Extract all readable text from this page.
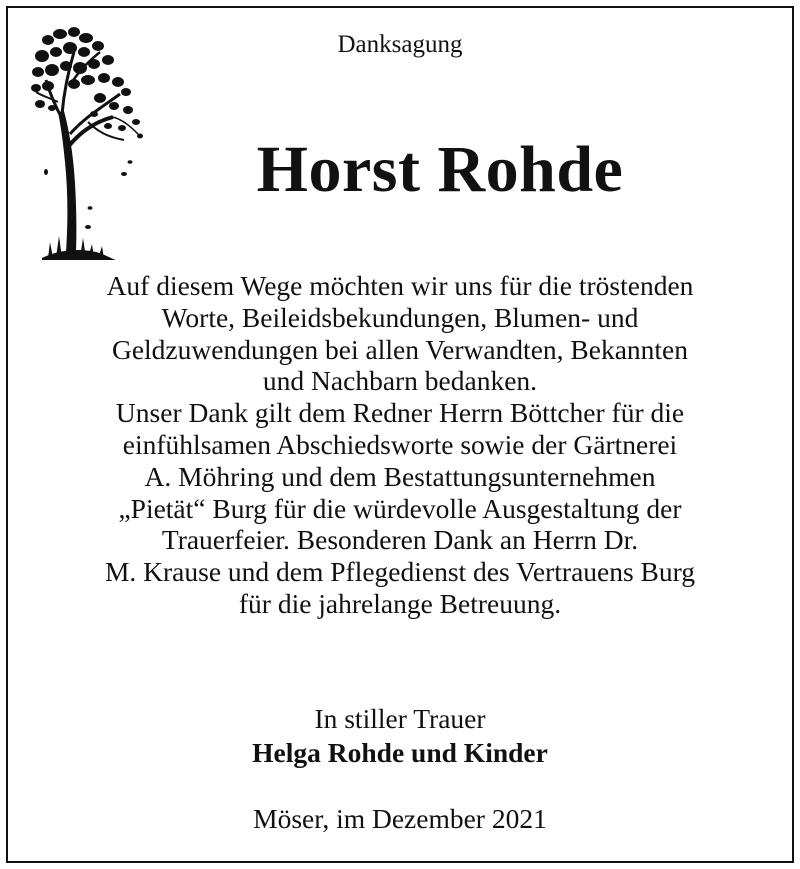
Danksagung
Horst Rohde
Auf diesem Wege möchten wir uns für die tröstenden
Worte, Beileidsbekundungen, Blumen- und
Geldzuwendungen bei allen Verwandten, Bekannten
und Nachbarn bedanken.
Unser Dank gilt dem Redner Herrn Böttcher für die
einfühlsamen Abschiedsworte sowie der Gärtnerei
A. Möhring und dem Bestattungsunternehmen
„Pietät“ Burg für die würdevolle Ausgestaltung der
Trauerfeier. Besonderen Dank an Herrn Dr.
M. Krause und dem Pflegedienst des Vertrauens Burg
für die jahrelange Betreuung.
In stiller Trauer
Helga Rohde und Kinder
Möser, im Dezember 2021
